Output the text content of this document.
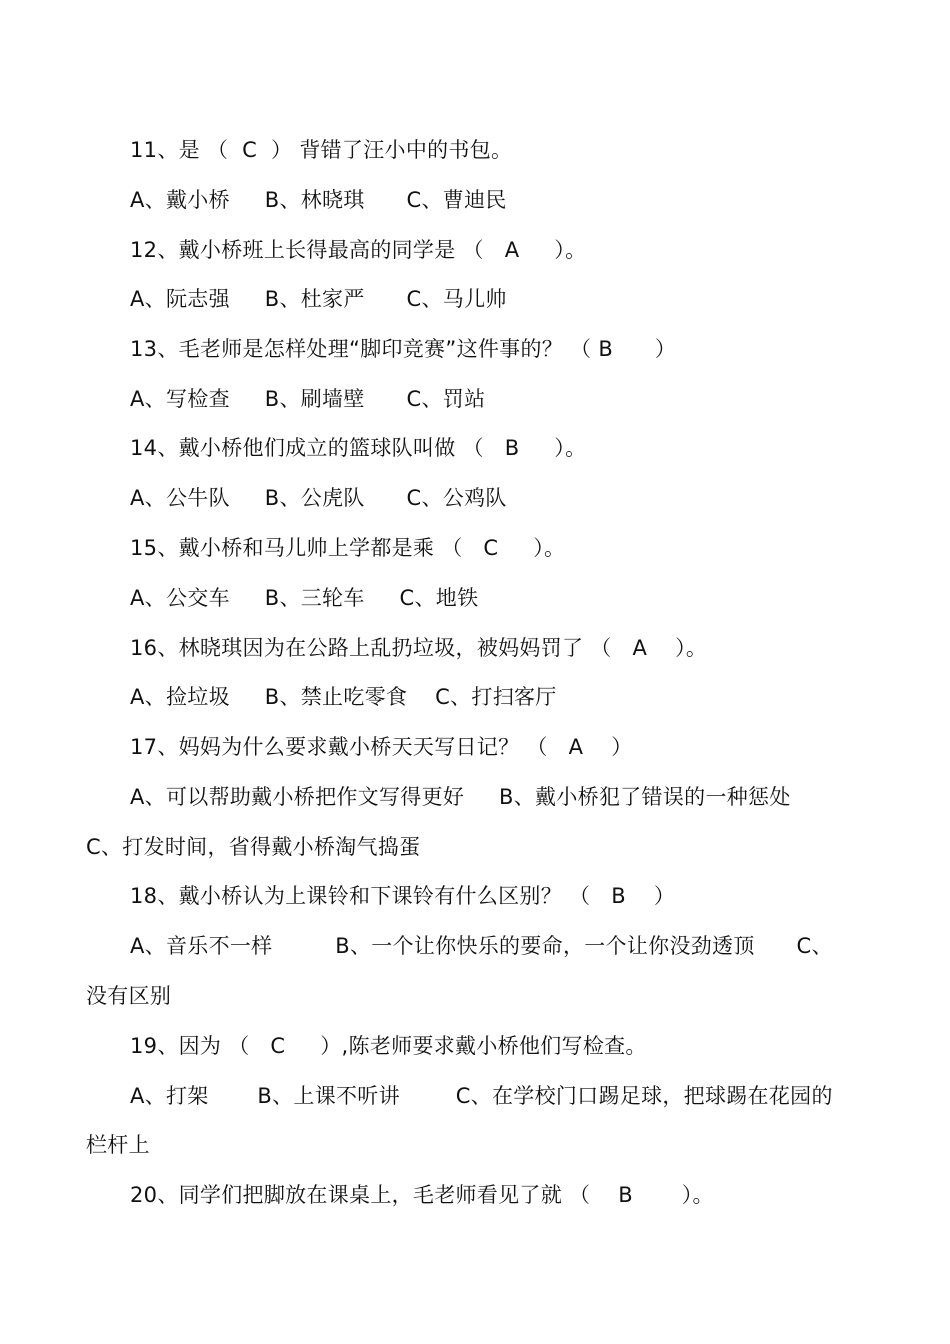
11、是 （  C  ） 背错了汪小中的书包。
A、戴小桥     B、林晓琪      C、曹迪民
12、戴小桥班上长得最高的同学是 （   A     ）。
A、阮志强     B、杜家严      C、马儿帅
13、毛老师是怎样处理“脚印竞赛”这件事的？ （ B      ）
A、写检查     B、刷墙壁      C、罚站
14、戴小桥他们成立的篮球队叫做 （   B     ）。
A、公牛队     B、公虎队      C、公鸡队
15、戴小桥和马儿帅上学都是乘 （   C     ）。
A、公交车     B、三轮车     C、地铁
16、林晓琪因为在公路上乱扔垃圾，被妈妈罚了 （   A    ）。
A、捡垃圾     B、禁止吃零食    C、打扫客厅
17、妈妈为什么要求戴小桥天天写日记？ （   A    ）
A、可以帮助戴小桥把作文写得更好     B、戴小桥犯了错误的一种惩处
C、打发时间，省得戴小桥淘气捣蛋
18、戴小桥认为上课铃和下课铃有什么区别？ （   B    ）
A、音乐不一样         B、一个让你快乐的要命，一个让你没劲透顶      C、
没有区别
19、因为 （   C     ）,陈老师要求戴小桥他们写检查。
A、打架       B、上课不听讲        C、在学校门口踢足球，把球踢在花园的
栏杆上
20、同学们把脚放在课桌上，毛老师看见了就 （    B       ）。
